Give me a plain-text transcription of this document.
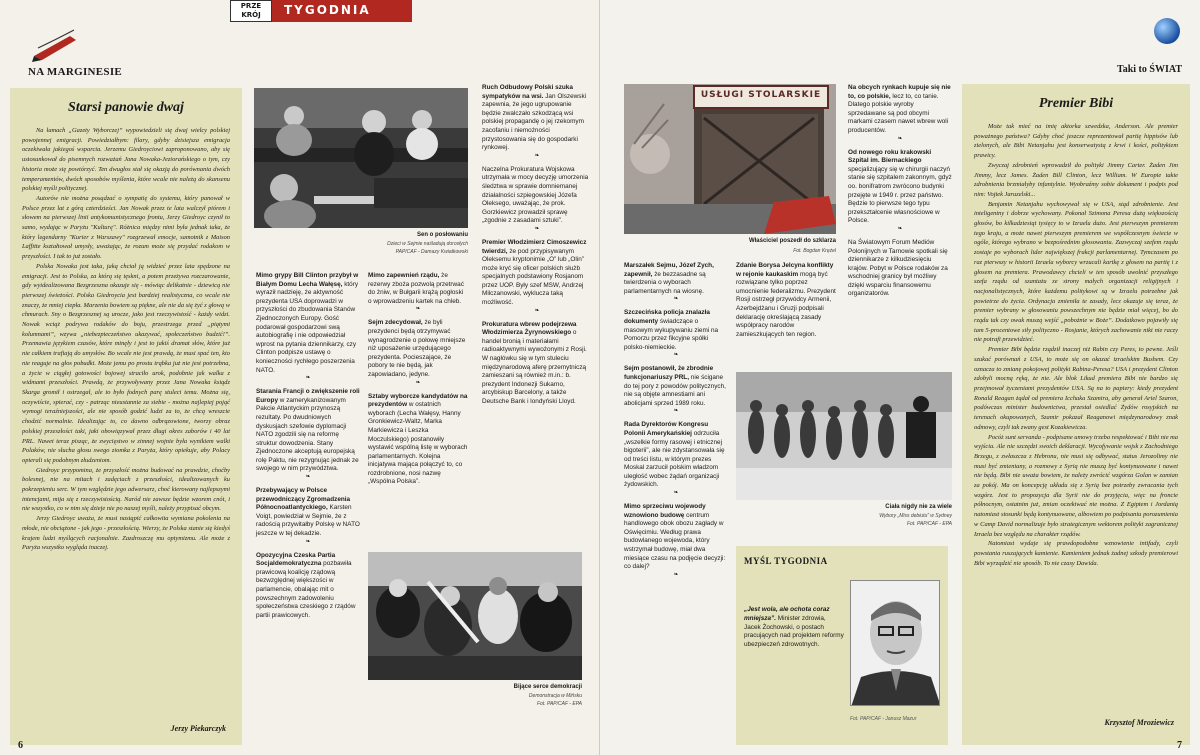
NA MARGINESIE
PRZE
KRÓJ	TYGODNIA
Starsi panowie dwaj

Na łamach „Gazety Wyborczej” wypowiedzieli się dwaj wielcy polskiej powojennej emigracji. Powiedziałbym: filary, gdyby dzisiejsza emigracja oczekiwała jakiegoś wsparcia. Jerzemu Giedroyciowi zaproponowano, aby się ustosunkował do pisemnych rozważań Jana Nowaka-Jeziorańskiego o tym, czy historia może się powtórzyć. Ten dwugłos stał się okazją do porównania dwóch temperamentów, dwóch sposobów myślenia, które wcale nie należą do skansenu polskiej myśli politycznej.

Autorów nie można posądzać o sympatię do systemu, który panował w Polsce przez lat z górą czterdzieści. Jan Nowak przez te lata walczył piórem i słowem na pierwszej linii antykomunistycznego frontu, Jerzy Giedroyc czynił to samo, wydając w Paryżu "Kulturę". Różnica między nimi była jednak taka, że który legendarny "Kurier z Warszawy" rozgrzewał emocje, samotnik z Maison Laffitte kształtował umysły, uważając, że rozum może się przydać rodakom w przyszłości. I tak to już zostało.

Polska Nowaka jest taka, jaką chciał ją widzieć przez lata spędzone na emigracji. Jest to Polska, za którą się tęskni, a potem przeżywa rozczarowanie, gdy wyidealizowana Bezgrzeszna okazuje się - mówiąc delikatnie - dziewicą nie pierwszej świeżości. Polska Giedroycia jest bardziej realistyczna, co wcale nie znaczy, że mniej ciepła. Marzenia bowiem są piękne, ale nie da się żyć z głową w chmurach. Sny o Bezgrzesznej są urocze, jako jest rzeczywistość - każdy widzi. Nowak wciąż podrywa rodaków do boju, przestrzega przed „piątymi kolumnami”, wzywa „niebezpieczeństwo ukazywać, społeczeństwo budzić!”. Przemawia językiem czasów, które minęły i jest to jakiś dramat słów, które już nie całkiem trafiają do umysłów. Bo wcale nie jest prawdą, że musi spać ten, kto nie reaguje na głos pobudki. Może jemu po prostu trąbka już nie jest potrzebna, a życie w ciągłej gotowości bojowej straciło urok, podobnie jak walka z widmami przeszłości. Prawdą, że przywoływany przez Jana Nowaka ksiądz Skarga gromił i ostrzegał, ale to było fodnych parę stuleci temu. Można się, oczywiście, spierać, czy - patrząc nieustannie za siebie - można najlepiej pojąć wymogi teraźniejszości, ale nie sposób godzić ludzi za to, że chcą wreszcie chodzić normalnie. Idealizując to, co dawno odbrązowione, tworzy obraz polskiej przeszłości taki, jaki obowiązywał przez długi okres zaborów i 40 lat PRL. Nawet teraz pisząc, że zwycięstwo w zimnej wojnie była wynikiem walki Polaków, nie słucha głosu swego ziomka z Paryża, który opiekuje, aby Polacy opierali się podobnym złudzeniom.

Giedroyc przypomina, że przyszłość można budować na prawdzie, choćby bolesnej, nie na mitach i zadęciach z przeszłości, idealizowanych ku pokrzepieniu serc. W tym względzie jego adwersarz, choć kierowany najlepszymi intencjami, mija się z rzeczywistością. Naród nie zawsze będzie wzorem cnót, i nie wszystko, co w nim się dzieje nie po naszej myśli, należy przypisać obcym.

Jerzy Giedroyc uważa, że musi nastąpić całkowita wymiana pokolenia na młode, nie obciążone - jak jego - przeszłością. Wierzy, że Polska stanie się kiedyś krajem ludzi myślących racjonalnie. Zazdroszczę mu optymizmu. Ale może z Paryża wszystko wygląda inaczej.

Jerzy Piekarczyk
Sen o posłowaniu
Dzieci w Sejmie naśladują dorosłych
PAP/CAF - Damazy Kwiatkowski
Mimo grypy Bill Clinton przybył w Białym Domu Lecha Wałęsę, który wyraził nadzieję, że aktywność prezydenta USA doprowadzi w przyszłości do zbudowania Stanów Zjednoczonych Europy. Gość podarował gospodarzowi swą autobiografię i nie odpowiedział wprost na pytania dziennikarzy, czy Clinton podpisze ustawę o konieczności rychłego poszerzenia NATO.
❧
Starania Francji o zwiększenie roli Europy w zamerykanizowanym Pakcie Atlantyckim przynoszą rezultaty. Po dwudniowych dyskusjach szefowie dyplomacji NATO zgodzili się na reformę struktur dowodzenia. Stany Zjednoczone akceptują europejską rolę Paktu, nie rezygnując jednak ze swojego w nim przywództwa.
❧
Przebywający w Polsce przewodniczący Zgromadzenia Północnoatlantyckiego, Karsten Voigt, powiedział w Sejmie, że z radością przywitałby Polskę w NATO jeszcze w tej dekadzie.
❧
Opozycyjna Czeska Partia Socjaldemokratyczna pozbawiła prawicową koalicję rządową bezwzględnej większości w parlamencie, obalając mit o powszechnym zadowoleniu społeczeństwa czeskiego z rządów partii prawicowych.
Mimo zapewnień rządu, że rezerwy zboża pozwolą przetrwać do żniw, w Bułgarii krążą pogłoski o wprowadzeniu kartek na chleb.
❧
Sejm zdecydował, że byli prezydenci będą otrzymywać wynagrodzenie o połowę mniejsze niż uposażenie urzędującego prezydenta. Pocieszające, że pobory te nie będą, jak zapowiadano, jedyne.
❧
Sztaby wyborcze kandydatów na prezydentów w ostatnich wyborach (Lecha Wałęsy, Hanny Gronkiewicz-Waltz, Marka Markiewicza i Leszka Moczulskiego) postanowiły wystawić wspólną listę w wyborach parlamentarnych. Kolejna inicjatywa mająca połączyć to, co rozdrobnione, nosi nazwę „Wspólna Polska”.
Ruch Odbudowy Polski szuka sympatyków na wsi. Jan Olszewski zapewnia, że jego ugrupowanie będzie zwalczało szkodzącą wsi polskiej propagandę o jej rzekomym zacofaniu i niemożności przystosowania się do gospodarki rynkowej.
❧
Naczelna Prokuratura Wojskowa utrzymała w mocy decyzję umorzenia śledztwa w sprawie domniemanej działalności szpiegowskiej Józefa Oleksego, uważając, że prok. Gorzkiewicz prowadził sprawę „zgodnie z zasadami sztuki”.
❧
Premier Włodzimierz Cimoszewicz twierdzi, że pod przypisywanym Oleksemu kryptonimie „O” lub „Olin” może kryć się oficer polskich służb specjalnych podstawiony Rosjanom przez UOP. Były szef MSW, Andrzej Milczanowski, wyklucza taką możliwość.
❧
Prokuratura wbrew podejrzewa Włodzimierza Żyrynowskiego o handel bronią i materiałami radioaktywnymi wywożonymi z Rosji. W nagłówku się w tym stuleciu międzynarodową aferę przemytniczą zamieszani są również m.in.: b. prezydent Indonezji Sukarno, arcybiskup Barcelony, a także Deutsche Bank i londyński Lloyd.
Bijące serce demokracji
Demonstracja w Mińsku
Fot. PAP/CAF - EPA
6
Taki to ŚWIAT
USŁUGI STOLARSKIE
Właściciel poszedł do szklarza
Fot. Bogdan Krężel
Marszałek Sejmu, Józef Zych, zapewnił, że bezzasadne są twierdzenia o wyborach parlamentarnych na wiosnę.
❧
Szczecińska policja znalazła dokumenty świadczące o masowym wykupywaniu ziemi na Pomorzu przez fikcyjne spółki polsko-niemieckie.
❧
Sejm postanowił, że zbrodnie funkcjonariuszy PRL, nie ścigane do tej pory z powodów politycznych, nie są objęte amnestiami ani abolicjami sprzed 1989 roku.
❧
Rada Dyrektorów Kongresu Polonii Amerykańskiej odrzuciła „wszelkie formy rasowej i etnicznej bigoterii”, ale nie zdystansowała się od treści listu, w którym prezes Moskal zarzucił polskim władzom uległość wobec żądań organizacji żydowskich.
❧
Mimo sprzeciwu wojewody wznowiono budowę centrum handlowego obok obozu zagłady w Oświęcimiu. Według prawa budowlanego wojewoda, który wstrzymał budowę, miał dwa miesiące czasu na podjęcie decyzji: co dalej?
❧
Zdanie Borysa Jelcyna konflikty w rejonie kaukaskim mogą być rozwiązane tylko poprzez umocnienie federalizmu. Prezydent Rosji ostrzegł przywódcy Armenii, Azerbejdżanu i Gruzji podpisali deklarację określającą zasady współpracy narodów zamieszkujących ten region.
Na obcych rynkach kupuje się nie to, co polskie, lecz to, co tanie. Dlatego polskie wyroby sprzedawane są pod obcymi markami czasem nawet wbrew woli producentów.
❧
Od nowego roku krakowski Szpital im. Biernackiego specjalizujący się w chirurgii naczyń stanie się szpitalem zakonnym, gdyż oo. bonifratrom zwrócono budynki przejęte w 1949 r. przez państwo. Będzie to pierwsze tego typu przekształcenie własnościowe w Polsce.
❧
Na Światowym Forum Mediów Polonijnych w Tarnowie spotkali się dziennikarze z kilkudziesięciu krajów. Pobyt w Polsce rodaków za wschodniej granicy był możliwy dzięki wsparciu finansowemu organizatorów.
Ciała nigdy nie za wiele
Wybory „Miss debiutu” w Sydney
Fot. PAP/CAF - EPA
Premier Bibi

Może tak mieć na imię aktorka szwedzka, Anderson. Ale premier poważnego państwa? Gdyby choć jeszcze reprezentował partię hippisów lub zielonych, ale Bibi Netanjahu jest konserwatystą z krwi i kości, politykiem prawicy.

Zwyczaj zdrobnień wprowadził do polityki Jimmy Carter. Żaden Jim Jimmy, lecz James. Żaden Bill Clinton, lecz William. W Europie takie zdrobnienia brzmiałyby infantylnie. Wyobraźmy sobie dokument i podpis pod nim: Vojtek Jaruzelski...

Benjamin Netanjahu wychowywał się w USA, stąd zdrobnienie. Jest inteligentny i dobrze wychowany. Pokonał Szimona Peresa dużą większością głosów, bo kilkadziesiąt tysięcy to w Izraelu dużo. Jest pierwszym premierem tego kraju, a może nawet pierwszym premierem we współczesnym świecie w ogóle, którego wybrano w bezpośrednim głosowaniu. Zazwyczaj szefem rządu zostaje po wyborach lider największej frakcji parlamentarnej. Tymczasem po raz pierwszy w historii Izraela wyborcy wrzucali kartkę z głosem na partię i z głosem na premiera. Prawodawcy chcieli w ten sposób uwolnić przyszłego szefa rządu od szantażu ze strony małych organizacji religijnych i nacjonalistycznych, które każdemu politykowi są w Izraelu potrzebne jak powietrze do życia. Ordynacja zmieniła te zasady, lecz okazuje się teraz, że premier wybrany w głosowaniu powszechnym nie będzie miał więcej, bo do rządu tak czy owak muszą wejść „pobożnie w Boże”. Dodatkowo pojawiły się tam 5-procentowe siły polityczno - Rosjanie, których zachowanie nikt nie raczy nie potrafi przewidzieć.

Premier Bibi będzie rządził inaczej niż Rabin czy Peres, to pewne. Jeśli szukać porównań z USA, to może się on okazać izraelskim Bushem. Czy oznacza to zmianę pokojowej polityki Rabina-Peresa? USA i prezydent Clinton zdobyli mocną ręką, że nie. Ale blok Likud premiera Bibi nie bardzo się przejmował życzeniami prezydentów USA. Są na to papiery: kiedy prezydent Ronald Reagan żądał od premiera Icchaka Szamira, aby generał Ariel Szaron, podówczas minister budownictwa, przestał osiedlać Żydów rosyjskich na terenach okupowanych, Szamir pokazał Reaganowi międzynarodowy znak odmowy, czyli tak zwany gest Kozakiewicza.

Pocóż sunt servanda - podpisane umowy trzeba respektować i Bibi nie ma wyjścia. Ale nie szczędzi swoich deklaracji. Wycofywanie wojsk z Zachodniego Brzegu, z zwłaszcza z Hebronu, nie musi się odbywać, status Jerozolimy nie musi być zmieniany, a rozmowy z Syrią nie muszą być kontynuowane i nawet nie będą. Bibi nie uważa bowiem, że należy zwrócić wzgórza Golan w zamian za pokój. Ma on koncepcję układu się z Syrią bez potrzeby zwracania tych wzgórz. Jest to propozycja dla Syrii nie do przyjęcia, więc na froncie północnym, ostatnim już, zmian oczekiwać nie można. Z Egiptem i Jordanią natomiast stosunki będą kontynuowane, albowiem po podpisaniu porozumienia w Camp David normalizuje było strategicznym wektorem polityki zagranicznej Izraela bez względu na charakter rządów.

Natomiast wydaje się prawdopodobne wznowienie intifady, czyli powstania ruszających kamienie. Kamieniem jednak żadnej szkody premierowi Bibi wyrządzić nie sposób. To nie czasy Dawida.

Krzysztof Mroziewicz
7
MYŚL TYGODNIA
„Jest wola, ale ochota coraz mniejsza”. Minister zdrowia, Jacek Żochowski, o postach pracujących nad projektem reformy ubezpieczeń zdrowotnych.
Fot. PAP/CAF - Janusz Mazur
